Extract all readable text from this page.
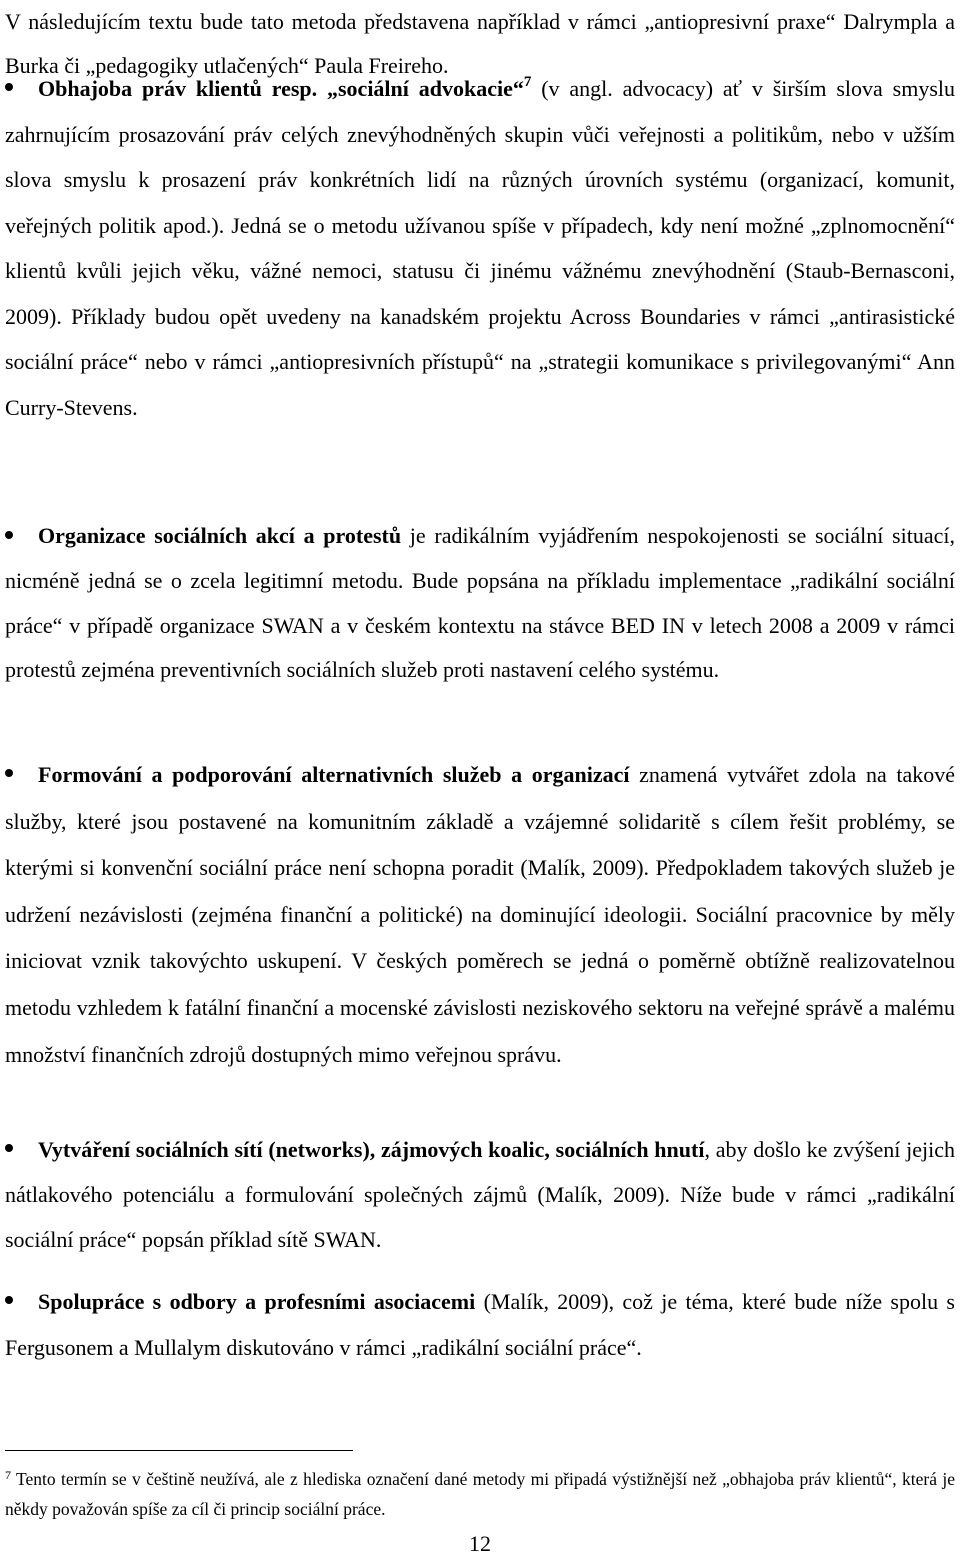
V následujícím textu bude tato metoda představena například v rámci „antiopresivní praxe“ Dalrympla a Burka či „pedagogiky utlačených“ Paula Freireho.

Obhajoba práv klientů resp. „sociální advokacie“$^7$ (v angl. advocacy) ať v širším slova smyslu zahrnujícím prosazování práv celých znevýhodněných skupin vůči veřejnosti a politikům, nebo v užším slova smyslu k prosazení práv konkrétních lidí na různých úrovních systému (organizací, komunit, veřejných politik apod.). Jedná se o metodu užívanou spíše v případech, kdy není možné „zplnomocnění“ klientů kvůli jejich věku, vážné nemoci, statusu či jinému vážnému znevýhodnění (Staub-Bernasconi, 2009). Příklady budou opět uvedeny na kanadském projektu Across Boundaries v rámci „antirasistické sociální práce“ nebo v rámci „antiopresivních přístupů“ na „strategii komunikace s privilegovanými“ Ann Curry-Stevens.

Organizace sociálních akcí a protestů je radikálním vyjádřením nespokojenosti se sociální situací, nicméně jedná se o zcela legitimní metodu. Bude popsána na příkladu implementace „radikální sociální práce“ v případě organizace SWAN a v českém kontextu na stávce BED IN v letech 2008 a 2009 v rámci protestů zejména preventivních sociálních služeb proti nastavení celého systému.

Formování a podporování alternativních služeb a organizací znamená vytvářet zdola na takové služby, které jsou postavené na komunitním základě a vzájemné solidaritě s cílem řešit problémy, se kterými si konvenční sociální práce není schopna poradit (Malík, 2009). Předpokladem takových služeb je udržení nezávislosti (zejména finanční a politické) na dominující ideologii. Sociální pracovnice by měly iniciovat vznik takovýchto uskupení. V českých poměrech se jedná o poměrně obtížně realizovatelnou metodu vzhledem k fatální finanční a mocenské závislosti neziskového sektoru na veřejné správě a malému množství finančních zdrojů dostupných mimo veřejnou správu.

Vytváření sociálních sítí (networks), zájmových koalic, sociálních hnutí, aby došlo ke zvýšení jejich nátlakového potenciálu a formulování společných zájmů (Malík, 2009). Níže bude v rámci „radikální sociální práce“ popsán příklad sítě SWAN.

Spolupráce s odbory a profesními asociacemi (Malík, 2009), což je téma, které bude níže spolu s Fergusonem a Mullalym diskutováno v rámci „radikální sociální práce“.

$^7$ Tento termín se v češtině neužívá, ale z hlediska označení dané metody mi připadá výstižnější než „obhajoba práv klientů“, která je někdy považován spíše za cíl či princip sociální práce.

12
